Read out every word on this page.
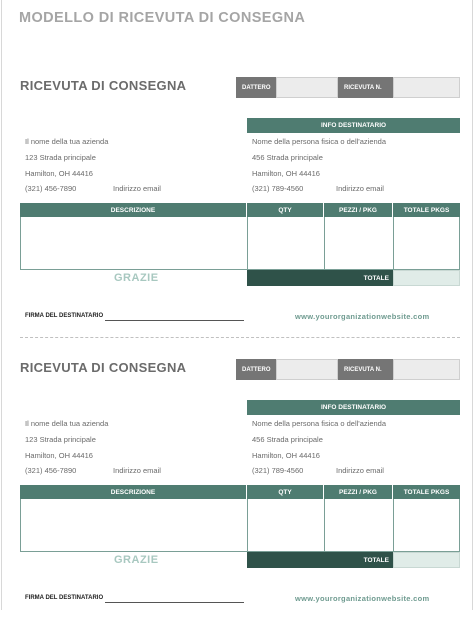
MODELLO DI RICEVUTA DI CONSEGNA
RICEVUTA DI CONSEGNA	DATTERO	RICEVUTA N.
INFO DESTINATARIO
Il nome della tua azienda
123 Strada principale
Hamilton, OH 44416
(321) 456-7890	Indirizzo email
Nome della persona fisica o dell'azienda
456 Strada principale
Hamilton, OH 44416
(321) 789-4560	Indirizzo email
DESCRIZIONE	QTY	PEZZI / PKG	TOTALE PKGS
GRAZIE	TOTALE
FIRMA DEL DESTINATARIO	www.yourorganizationwebsite.com
RICEVUTA DI CONSEGNA	DATTERO	RICEVUTA N.
INFO DESTINATARIO
Il nome della tua azienda
123 Strada principale
Hamilton, OH 44416
(321) 456-7890	Indirizzo email
Nome della persona fisica o dell'azienda
456 Strada principale
Hamilton, OH 44416
(321) 789-4560	Indirizzo email
DESCRIZIONE	QTY	PEZZI / PKG	TOTALE PKGS
GRAZIE	TOTALE
FIRMA DEL DESTINATARIO	www.yourorganizationwebsite.com
